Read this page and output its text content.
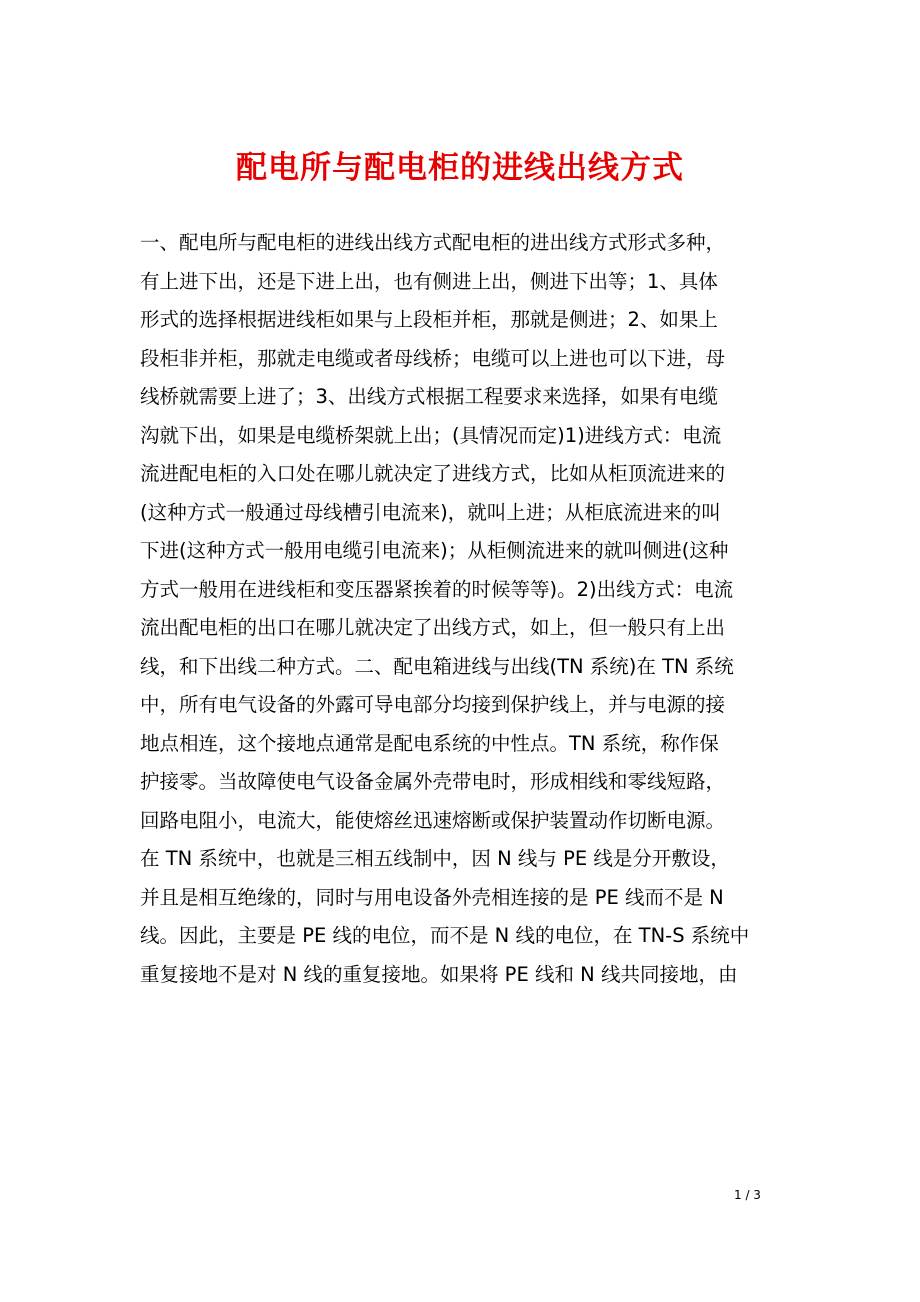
配电所与配电柜的进线出线方式
一、配电所与配电柜的进线出线方式配电柜的进出线方式形式多种，
有上进下出，还是下进上出，也有侧进上出，侧进下出等；1、具体
形式的选择根据进线柜如果与上段柜并柜，那就是侧进；2、如果上
段柜非并柜，那就走电缆或者母线桥；电缆可以上进也可以下进，母
线桥就需要上进了；3、出线方式根据工程要求来选择，如果有电缆
沟就下出，如果是电缆桥架就上出；(具情况而定)1)进线方式：电流
流进配电柜的入口处在哪儿就决定了进线方式，比如从柜顶流进来的
(这种方式一般通过母线槽引电流来)，就叫上进；从柜底流进来的叫
下进(这种方式一般用电缆引电流来)；从柜侧流进来的就叫侧进(这种
方式一般用在进线柜和变压器紧挨着的时候等等)。2)出线方式：电流
流出配电柜的出口在哪儿就决定了出线方式，如上，但一般只有上出
线，和下出线二种方式。二、配电箱进线与出线(TN 系统)在 TN 系统
中，所有电气设备的外露可导电部分均接到保护线上，并与电源的接
地点相连，这个接地点通常是配电系统的中性点。TN 系统，称作保
护接零。当故障使电气设备金属外壳带电时，形成相线和零线短路，
回路电阻小，电流大，能使熔丝迅速熔断或保护装置动作切断电源。
在 TN 系统中，也就是三相五线制中，因 N 线与 PE 线是分开敷设，
并且是相互绝缘的，同时与用电设备外壳相连接的是 PE 线而不是 N
线。因此，主要是 PE 线的电位，而不是 N 线的电位，在 TN-S 系统中
重复接地不是对 N 线的重复接地。如果将 PE 线和 N 线共同接地，由
1 / 3
